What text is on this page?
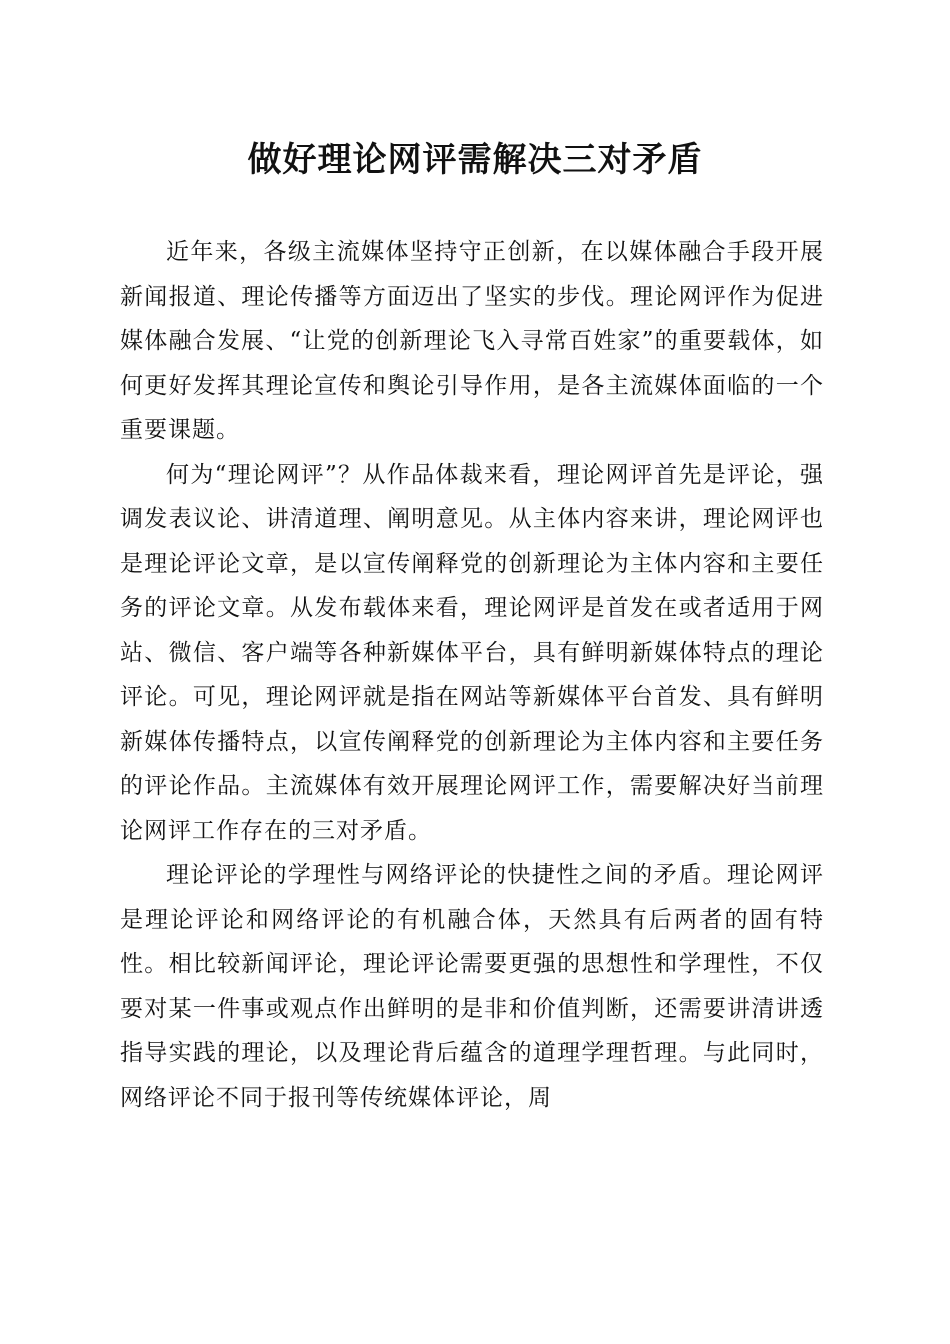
做好理论网评需解决三对矛盾

近年来，各级主流媒体坚持守正创新，在以媒体融合手段开展新闻报道、理论传播等方面迈出了坚实的步伐。理论网评作为促进媒体融合发展、“让党的创新理论飞入寻常百姓家”的重要载体，如何更好发挥其理论宣传和舆论引导作用，是各主流媒体面临的一个重要课题。

何为“理论网评”？从作品体裁来看，理论网评首先是评论，强调发表议论、讲清道理、阐明意见。从主体内容来讲，理论网评也是理论评论文章，是以宣传阐释党的创新理论为主体内容和主要任务的评论文章。从发布载体来看，理论网评是首发在或者适用于网站、微信、客户端等各种新媒体平台，具有鲜明新媒体特点的理论评论。可见，理论网评就是指在网站等新媒体平台首发、具有鲜明新媒体传播特点，以宣传阐释党的创新理论为主体内容和主要任务的评论作品。主流媒体有效开展理论网评工作，需要解决好当前理论网评工作存在的三对矛盾。

理论评论的学理性与网络评论的快捷性之间的矛盾。理论网评是理论评论和网络评论的有机融合体，天然具有后两者的固有特性。相比较新闻评论，理论评论需要更强的思想性和学理性，不仅要对某一件事或观点作出鲜明的是非和价值判断，还需要讲清讲透指导实践的理论，以及理论背后蕴含的道理学理哲理。与此同时，网络评论不同于报刊等传统媒体评论，周
